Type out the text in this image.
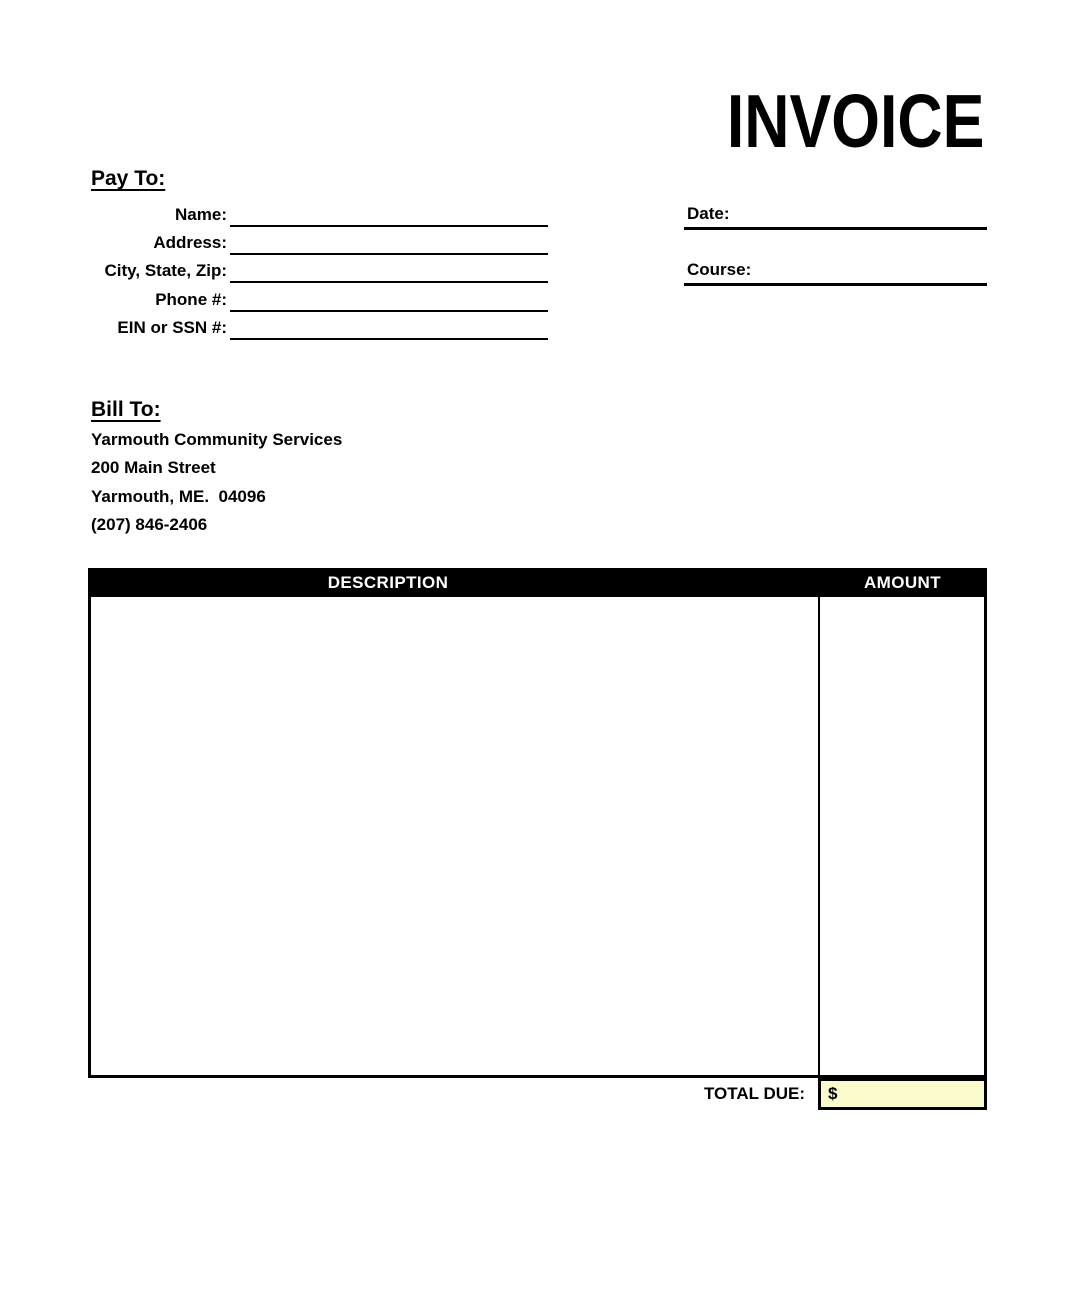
INVOICE
Pay To:
Name:
Address:
City, State, Zip:
Phone #:
EIN or SSN #:
Date:
Course:
Bill To:
Yarmouth Community Services
200 Main Street
Yarmouth, ME.  04096
(207) 846-2406
DESCRIPTION	AMOUNT
TOTAL DUE: $
